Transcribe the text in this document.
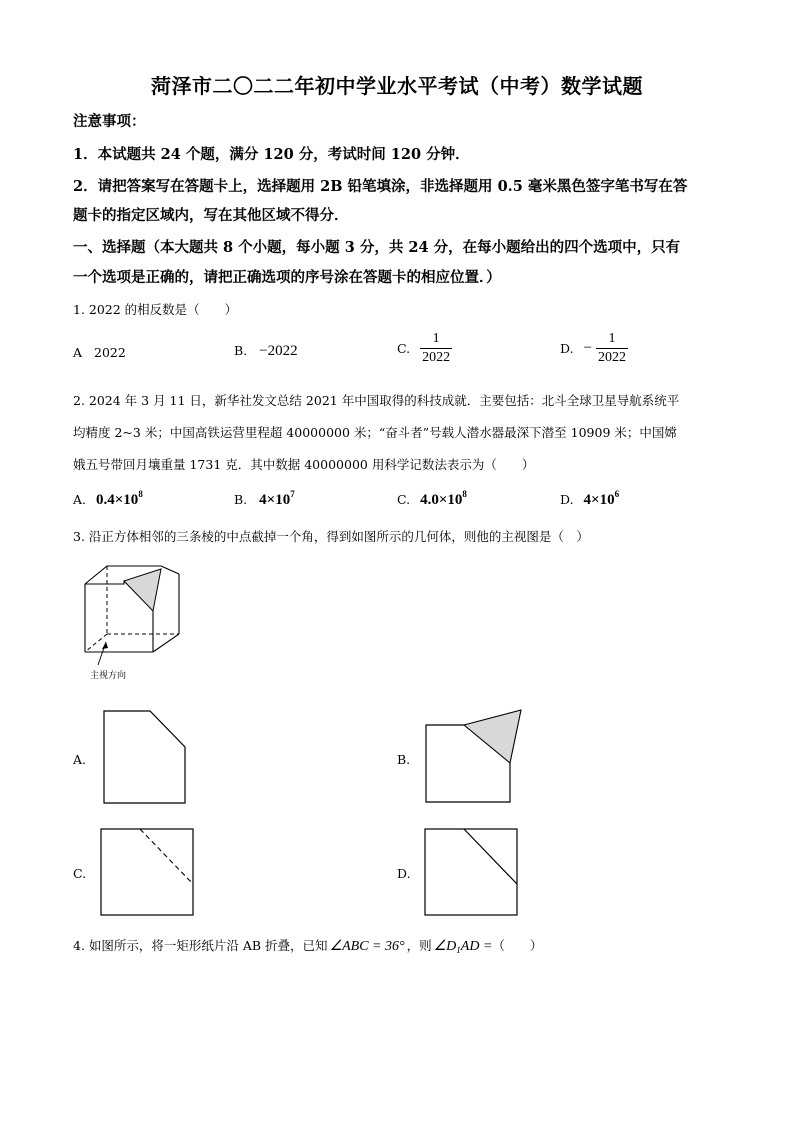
菏泽市二〇二二年初中学业水平考试（中考）数学试题
注意事项：
1．本试题共 24 个题，满分 120 分，考试时间 120 分钟．
2．请把答案写在答题卡上，选择题用 2B 铅笔填涂，非选择题用 0.5 毫米黑色签字笔书写在答
题卡的指定区域内，写在其他区域不得分．
一、选择题（本大题共 8 个小题，每小题 3 分，共 24 分，在每小题给出的四个选项中，只有
一个选项是正确的，请把正确选项的序号涂在答题卡的相应位置．）
1. 2022 的相反数是（　　）
A 2022	B. −2022	C. $\frac{1}{2022}$	D. − $\frac{1}{2022}$
2. 2024 年 3 月 11 日，新华社发文总结 2021 年中国取得的科技成就．主要包括：北斗全球卫星导航系统平
均精度 2~3 米；中国高铁运营里程超 40000000 米；“奋斗者”号载人潜水器最深下潜至 10909 米；中国嫦
娥五号带回月壤重量 1731 克．其中数据 40000000 用科学记数法表示为（　　）
A. $0.4\times 10^8$	B. $4\times 10^7$	C. $4.0\times 10^8$	D. $4\times 10^6$
3. 沿正方体相邻的三条棱的中点截掉一个角，得到如图所示的几何体，则他的主视图是（　）
主视方向
A.	B.
C.	D.
4. 如图所示，将一矩形纸片沿 AB 折叠，已知 ∠ABC = 36° ，则 $\angle D_1AD$ =（　　）
